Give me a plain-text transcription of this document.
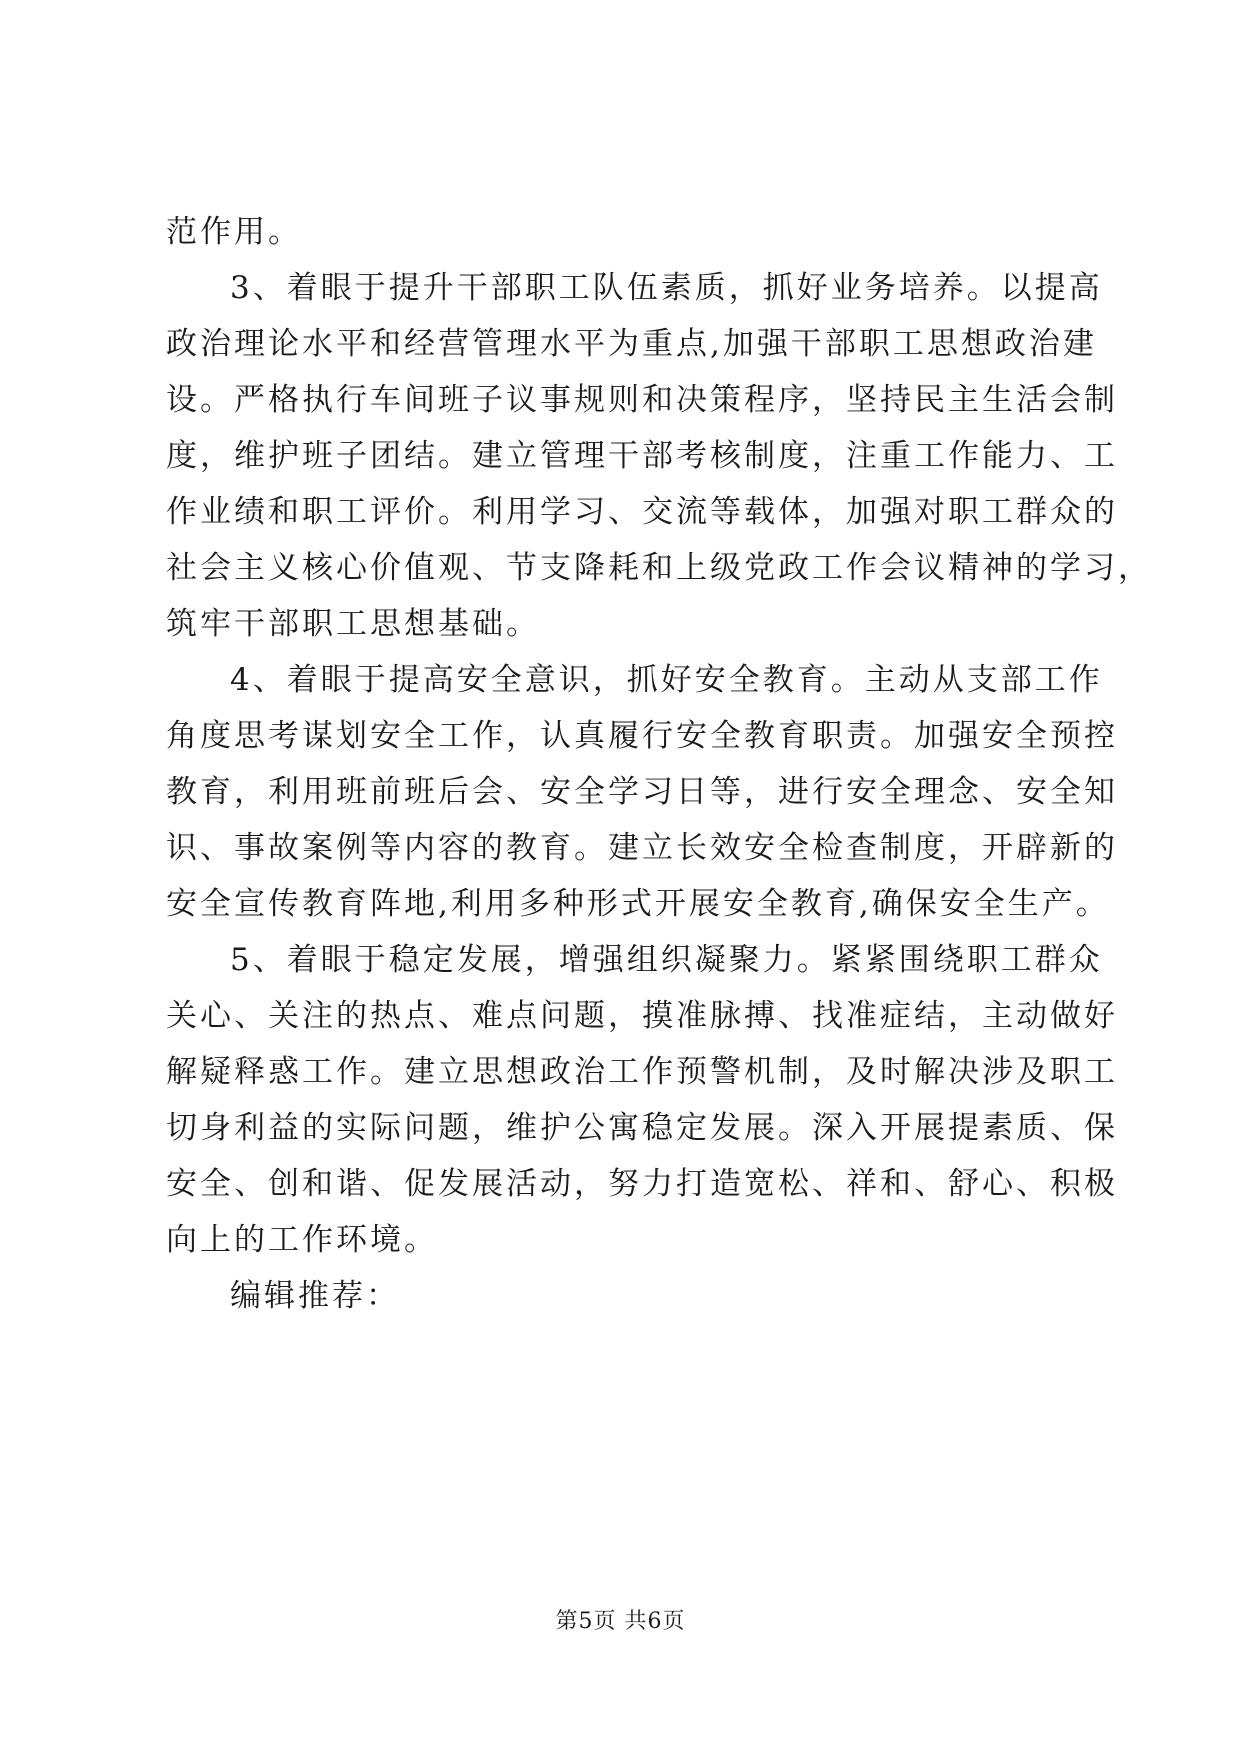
范作用。
3、着眼于提升干部职工队伍素质，抓好业务培养。以提高
政治理论水平和经营管理水平为重点,加强干部职工思想政治建
设。严格执行车间班子议事规则和决策程序，坚持民主生活会制
度，维护班子团结。建立管理干部考核制度，注重工作能力、工
作业绩和职工评价。利用学习、交流等载体，加强对职工群众的
社会主义核心价值观、节支降耗和上级党政工作会议精神的学习，
筑牢干部职工思想基础。
4、着眼于提高安全意识，抓好安全教育。主动从支部工作
角度思考谋划安全工作，认真履行安全教育职责。加强安全预控
教育，利用班前班后会、安全学习日等，进行安全理念、安全知
识、事故案例等内容的教育。建立长效安全检查制度，开辟新的
安全宣传教育阵地,利用多种形式开展安全教育,确保安全生产。
5、着眼于稳定发展，增强组织凝聚力。紧紧围绕职工群众
关心、关注的热点、难点问题，摸准脉搏、找准症结，主动做好
解疑释惑工作。建立思想政治工作预警机制，及时解决涉及职工
切身利益的实际问题，维护公寓稳定发展。深入开展提素质、保
安全、创和谐、促发展活动，努力打造宽松、祥和、舒心、积极
向上的工作环境。
编辑推荐：
第5页 共6页
